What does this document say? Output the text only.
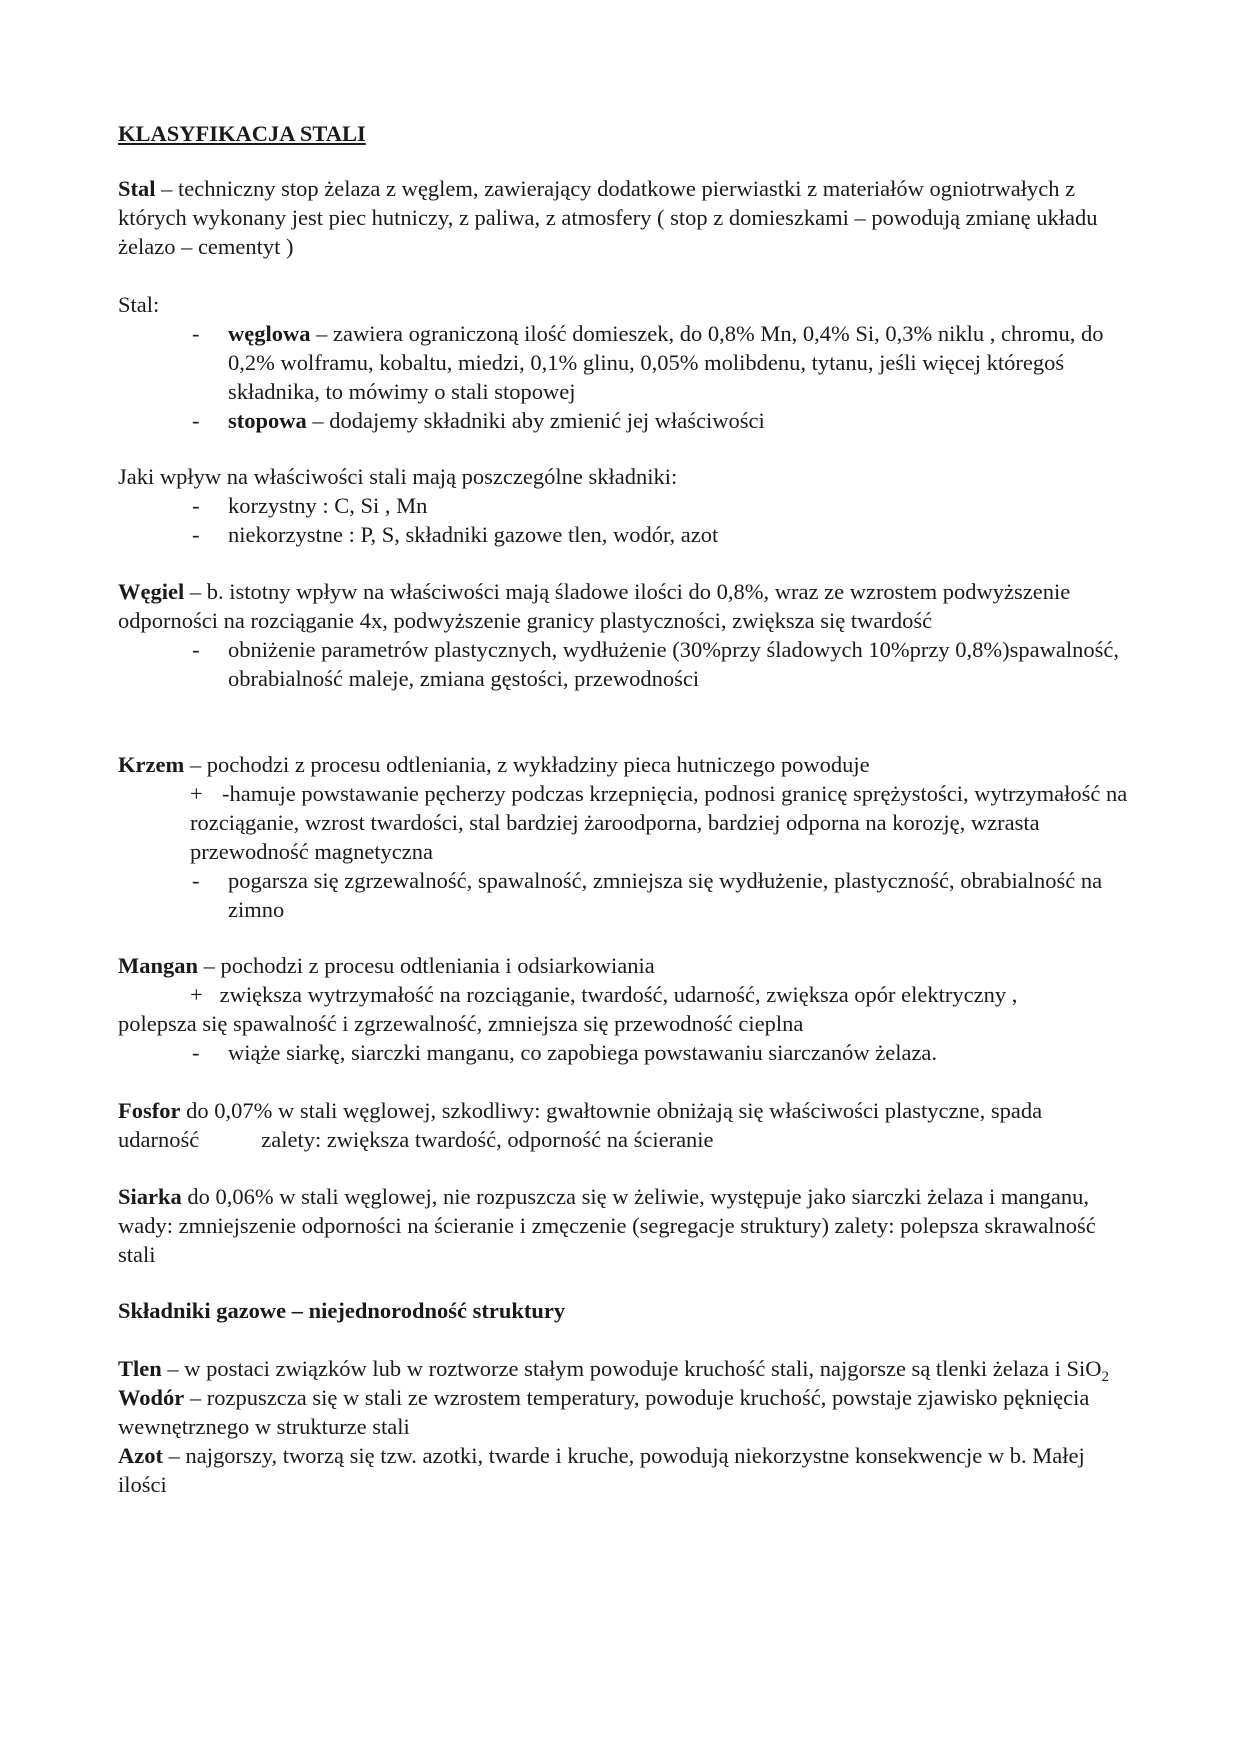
KLASYFIKACJA STALI
Stal – techniczny stop żelaza z węglem, zawierający dodatkowe pierwiastki z materiałów ogniotrwałych z których wykonany jest piec hutniczy, z paliwa, z atmosfery ( stop z domieszkami – powodują zmianę układu żelazo – cementyt )
Stal:
- węglowa – zawiera ograniczoną ilość domieszek, do 0,8% Mn, 0,4% Si, 0,3% niklu , chromu, do 0,2% wolframu, kobaltu, miedzi, 0,1% glinu, 0,05% molibdenu, tytanu, jeśli więcej któregoś składnika, to mówimy o stali stopowej
- stopowa – dodajemy składniki aby zmienić jej właściwości
Jaki wpływ na właściwości stali mają poszczególne składniki:
- korzystny : C, Si , Mn
- niekorzystne : P, S, składniki gazowe tlen, wodór, azot
Węgiel – b. istotny wpływ na właściwości mają śladowe ilości do 0,8%, wraz ze wzrostem podwyższenie odporności na rozciąganie 4x, podwyższenie granicy plastyczności, zwiększa się twardość
- obniżenie parametrów plastycznych, wydłużenie (30%przy śladowych 10%przy 0,8%)spawalność, obrabialność maleje, zmiana gęstości, przewodności
Krzem – pochodzi z procesu odtleniania, z wykładziny pieca hutniczego powoduje
+ -hamuje powstawanie pęcherzy podczas krzepnięcia, podnosi granicę sprężystości, wytrzymałość na rozciąganie, wzrost twardości, stal bardziej żaroodporna, bardziej odporna na korozję, wzrasta przewodność magnetyczna
- pogarsza się zgrzewalność, spawalność, zmniejsza się wydłużenie, plastyczność, obrabialność na zimno
Mangan – pochodzi z procesu odtleniania i odsiarkowiania
+ zwiększa wytrzymałość na rozciąganie, twardość, udarność, zwiększa opór elektryczny ,
polepsza się spawalność i zgrzewalność, zmniejsza się przewodność cieplna
- wiąże siarkę, siarczki manganu, co zapobiega powstawaniu siarczanów żelaza.
Fosfor do 0,07% w stali węglowej, szkodliwy: gwałtownie obniżają się właściwości plastyczne, spada udarność	zalety: zwiększa twardość, odporność na ścieranie
Siarka do 0,06% w stali węglowej, nie rozpuszcza się w żeliwie, występuje jako siarczki żelaza i manganu, wady: zmniejszenie odporności na ścieranie i zmęczenie (segregacje struktury) zalety: polepsza skrawalność stali
Składniki gazowe – niejednorodność struktury
Tlen – w postaci związków lub w roztworze stałym powoduje kruchość stali, najgorsze są tlenki żelaza i SiO$_2$
Wodór – rozpuszcza się w stali ze wzrostem temperatury, powoduje kruchość, powstaje zjawisko pęknięcia wewnętrznego w strukturze stali
Azot – najgorszy, tworzą się tzw. azotki, twarde i kruche, powodują niekorzystne konsekwencje w b. Małej ilości
